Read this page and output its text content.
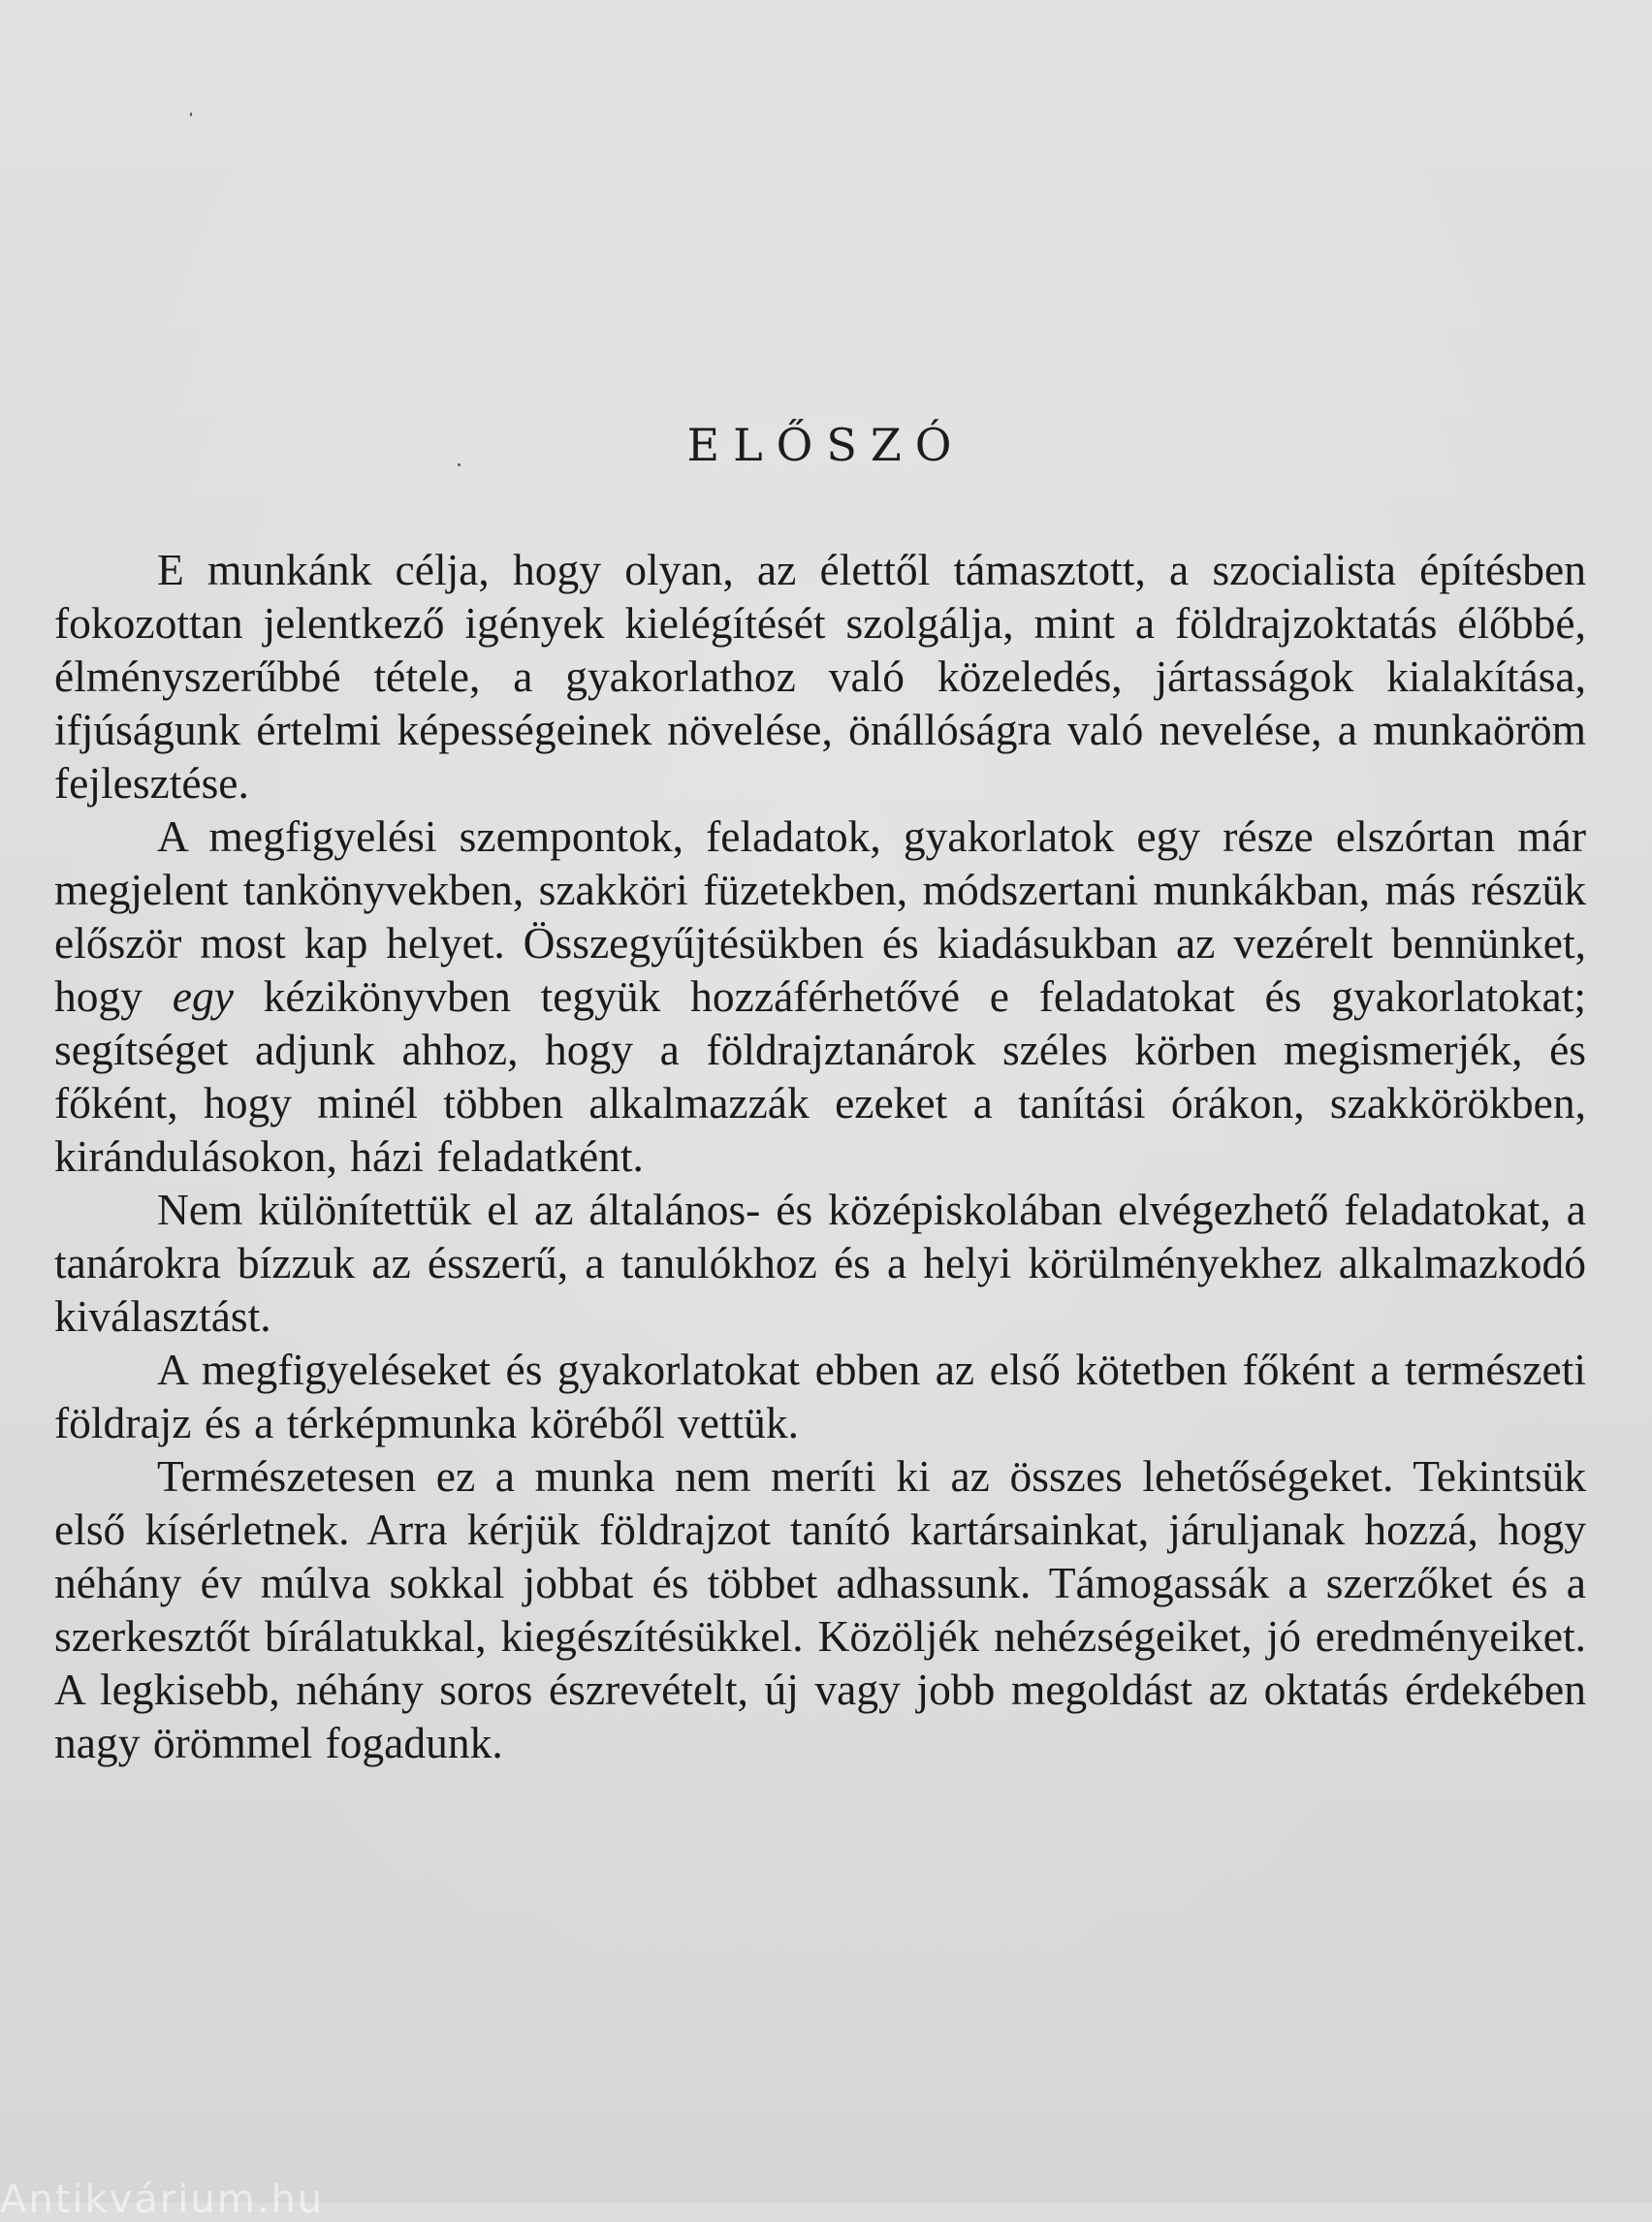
ELŐSZÓ

E munkánk célja, hogy olyan, az élettől támasztott, a szocialista építésben fokozottan jelentkező igények kielégítését szolgálja, mint a földrajzoktatás élőbbé, élményszerűbbé tétele, a gyakorlathoz való közeledés, jártasságok kialakítása, ifjúságunk értelmi képességeinek növelése, önállóságra való nevelése, a munkaöröm fejlesztése.

A megfigyelési szempontok, feladatok, gyakorlatok egy része elszórtan már megjelent tankönyvekben, szakköri füzetekben, módszertani munkákban, más részük először most kap helyet. Összegyűjtésükben és kiadásukban az vezérelt bennünket, hogy egy kézikönyvben tegyük hozzáférhetővé e feladatokat és gyakorlatokat; segítséget adjunk ahhoz, hogy a földrajztanárok széles körben megismerjék, és főként, hogy minél többen alkalmazzák ezeket a tanítási órákon, szakkörökben, kirándulásokon, házi feladatként.

Nem különítettük el az általános- és középiskolában elvégezhető feladatokat, a tanárokra bízzuk az ésszerű, a tanulókhoz és a helyi körülményekhez alkalmazkodó kiválasztást.

A megfigyeléseket és gyakorlatokat ebben az első kötetben főként a természeti földrajz és a térképmunka köréből vettük.

Természetesen ez a munka nem meríti ki az összes lehetőségeket. Tekintsük első kísérletnek. Arra kérjük földrajzot tanító kartársainkat, járuljanak hozzá, hogy néhány év múlva sokkal jobbat és többet adhassunk. Támogassák a szerzőket és a szerkesztőt bírálatukkal, kiegészítésükkel. Közöljék nehézségeiket, jó eredményeiket. A legkisebb, néhány soros észrevételt, új vagy jobb megoldást az oktatás érdekében nagy örömmel fogadunk.

Antikvárium.hu
